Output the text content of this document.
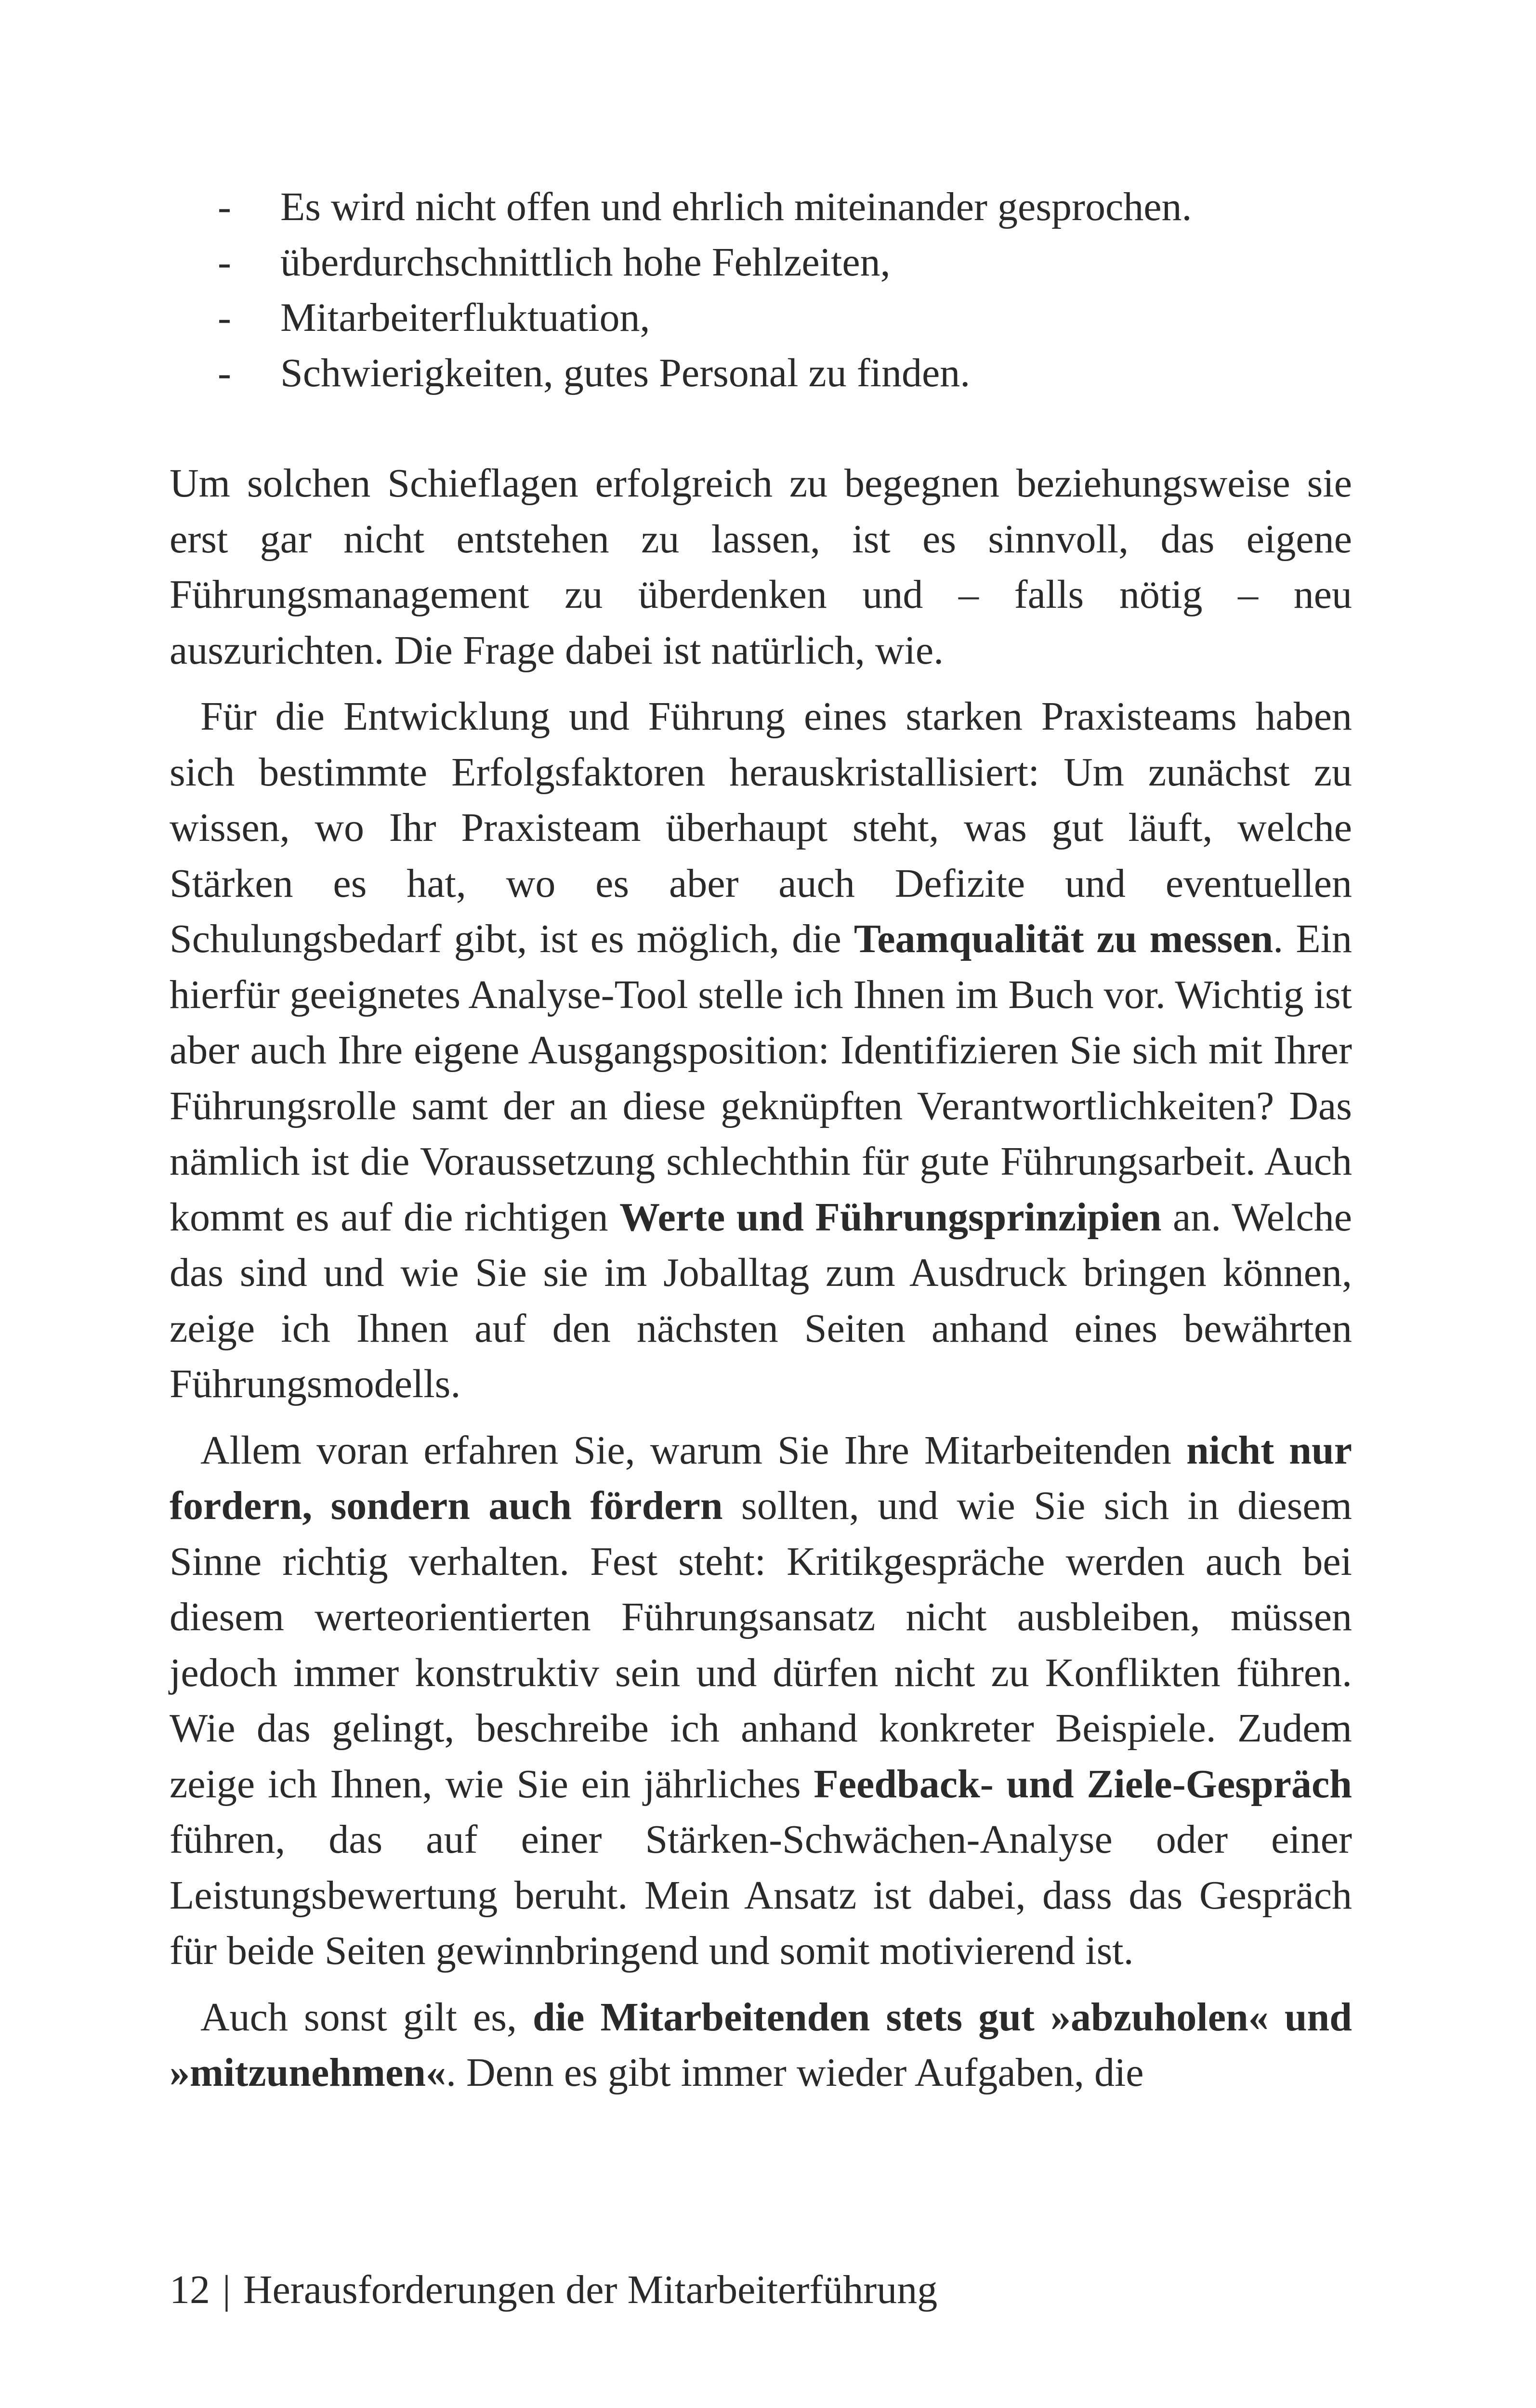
- Es wird nicht offen und ehrlich miteinander gesprochen.
- überdurchschnittlich hohe Fehlzeiten,
- Mitarbeiterfluktuation,
- Schwierigkeiten, gutes Personal zu finden.

Um solchen Schieflagen erfolgreich zu begegnen beziehungsweise sie erst gar nicht entstehen zu lassen, ist es sinnvoll, das eigene Führungsmanagement zu überdenken und – falls nötig – neu auszurichten. Die Frage dabei ist natürlich, wie.

Für die Entwicklung und Führung eines starken Praxisteams haben sich bestimmte Erfolgsfaktoren herauskristallisiert: Um zunächst zu wissen, wo Ihr Praxisteam überhaupt steht, was gut läuft, welche Stärken es hat, wo es aber auch Defizite und eventuellen Schulungsbedarf gibt, ist es möglich, die Teamqualität zu messen. Ein hierfür geeignetes Analyse-Tool stelle ich Ihnen im Buch vor. Wichtig ist aber auch Ihre eigene Ausgangsposition: Identifizieren Sie sich mit Ihrer Führungsrolle samt der an diese geknüpften Verantwortlichkeiten? Das nämlich ist die Voraussetzung schlechthin für gute Führungsarbeit. Auch kommt es auf die richtigen Werte und Führungsprinzipien an. Welche das sind und wie Sie sie im Joballtag zum Ausdruck bringen können, zeige ich Ihnen auf den nächsten Seiten anhand eines bewährten Führungsmodells.

Allem voran erfahren Sie, warum Sie Ihre Mitarbeitenden nicht nur fordern, sondern auch fördern sollten, und wie Sie sich in diesem Sinne richtig verhalten. Fest steht: Kritikgespräche werden auch bei diesem werteorientierten Führungsansatz nicht ausbleiben, müssen jedoch immer konstruktiv sein und dürfen nicht zu Konflikten führen. Wie das gelingt, beschreibe ich anhand konkreter Beispiele. Zudem zeige ich Ihnen, wie Sie ein jährliches Feedback- und Ziele-Gespräch führen, das auf einer Stärken-Schwächen-Analyse oder einer Leistungsbewertung beruht. Mein Ansatz ist dabei, dass das Gespräch für beide Seiten gewinnbringend und somit motivierend ist.

Auch sonst gilt es, die Mitarbeitenden stets gut »abzuholen« und »mitzunehmen«. Denn es gibt immer wieder Aufgaben, die

12 | Herausforderungen der Mitarbeiterführung
